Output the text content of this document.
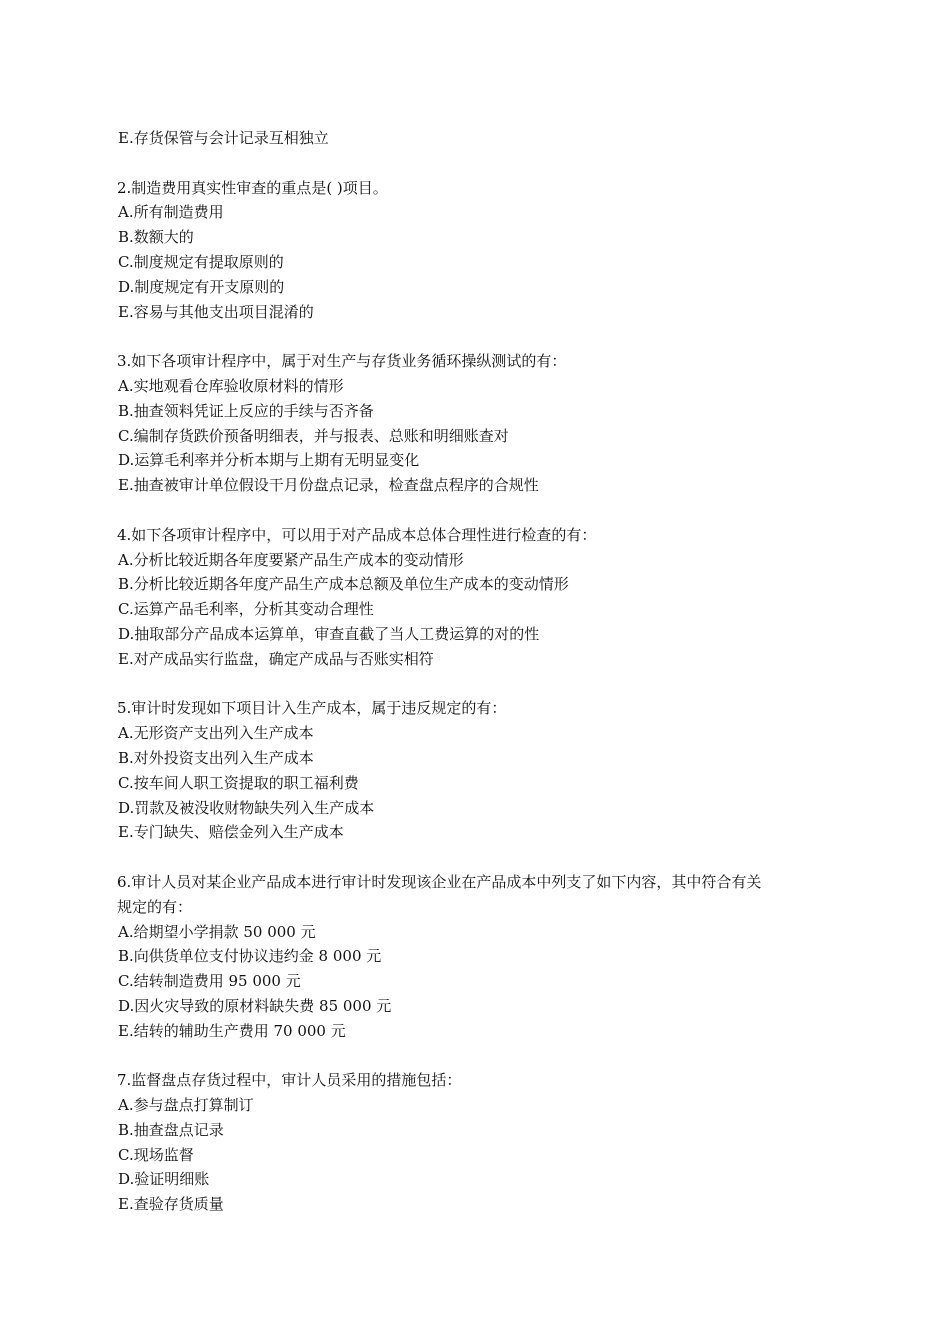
E.存货保管与会计记录互相独立
2.制造费用真实性审查的重点是( )项目。
A.所有制造费用
B.数额大的
C.制度规定有提取原则的
D.制度规定有开支原则的
E.容易与其他支出项目混淆的
3.如下各项审计程序中，属于对生产与存货业务循环操纵测试的有：
A.实地观看仓库验收原材料的情形
B.抽查领料凭证上反应的手续与否齐备
C.编制存货跌价预备明细表，并与报表、总账和明细账查对
D.运算毛利率并分析本期与上期有无明显变化
E.抽查被审计单位假设干月份盘点记录，检查盘点程序的合规性
4.如下各项审计程序中，可以用于对产品成本总体合理性进行检查的有：
A.分析比较近期各年度要紧产品生产成本的变动情形
B.分析比较近期各年度产品生产成本总额及单位生产成本的变动情形
C.运算产品毛利率，分析其变动合理性
D.抽取部分产品成本运算单，审查直截了当人工费运算的对的性
E.对产成品实行监盘，确定产成品与否账实相符
5.审计时发现如下项目计入生产成本，属于违反规定的有：
A.无形资产支出列入生产成本
B.对外投资支出列入生产成本
C.按车间人职工资提取的职工福利费
D.罚款及被没收财物缺失列入生产成本
E.专门缺失、赔偿金列入生产成本
6.审计人员对某企业产品成本进行审计时发现该企业在产品成本中列支了如下内容，其中符合有关
规定的有：
A.给期望小学捐款 50 000 元
B.向供货单位支付协议违约金 8 000 元
C.结转制造费用 95 000 元
D.因火灾导致的原材料缺失费 85 000 元
E.结转的辅助生产费用 70 000 元
7.监督盘点存货过程中，审计人员采用的措施包括：
A.参与盘点打算制订
B.抽查盘点记录
C.现场监督
D.验证明细账
E.查验存货质量
